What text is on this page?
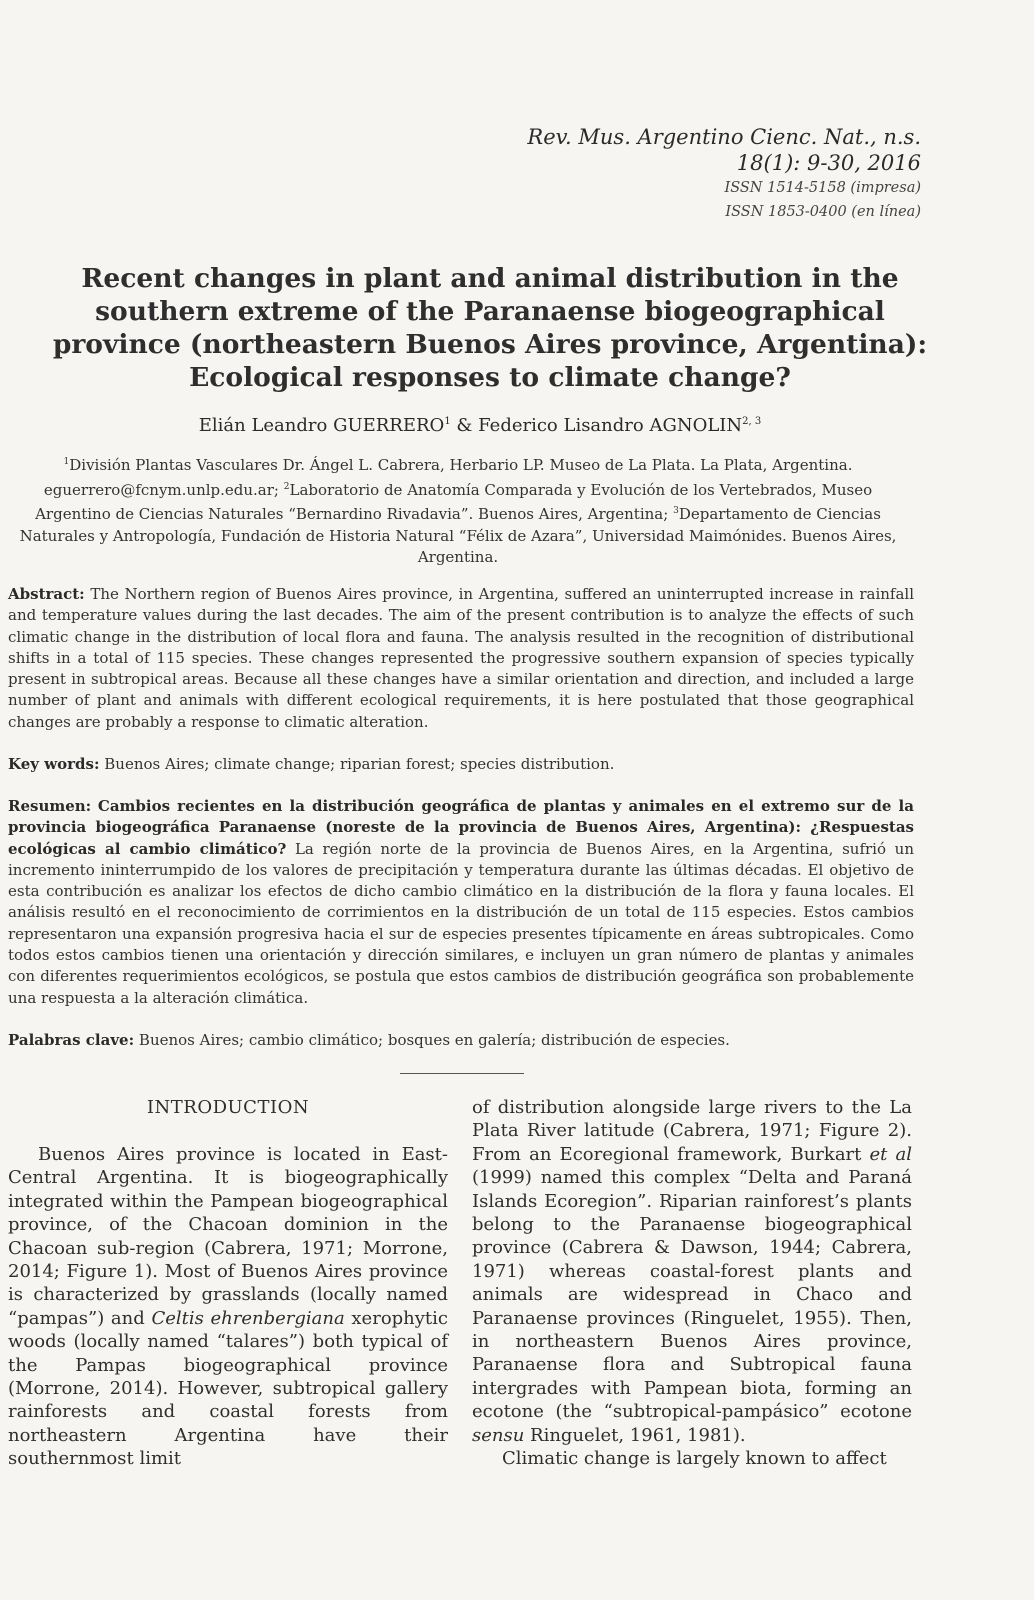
Rev. Mus. Argentino Cienc. Nat., n.s.
18(1): 9-30, 2016
ISSN 1514-5158 (impresa)
ISSN 1853-0400 (en línea)
Recent changes in plant and animal distribution in the southern extreme of the Paranaense biogeographical province (northeastern Buenos Aires province, Argentina): Ecological responses to climate change?
Elián Leandro GUERRERO$^1$ & Federico Lisandro AGNOLIN$^{2, 3}$
$^1$División Plantas Vasculares Dr. Ángel L. Cabrera, Herbario LP. Museo de La Plata. La Plata, Argentina. eguerrero@fcnym.unlp.edu.ar; $^2$Laboratorio de Anatomía Comparada y Evolución de los Vertebrados, Museo Argentino de Ciencias Naturales “Bernardino Rivadavia”. Buenos Aires, Argentina; $^3$Departamento de Ciencias Naturales y Antropología, Fundación de Historia Natural “Félix de Azara”, Universidad Maimónides. Buenos Aires, Argentina.
Abstract: The Northern region of Buenos Aires province, in Argentina, suffered an uninterrupted increase in rainfall and temperature values during the last decades. The aim of the present contribution is to analyze the effects of such climatic change in the distribution of local flora and fauna. The analysis resulted in the recognition of distributional shifts in a total of 115 species. These changes represented the progressive southern expansion of species typically present in subtropical areas. Because all these changes have a similar orientation and direction, and included a large number of plant and animals with different ecological requirements, it is here postulated that those geographical changes are probably a response to climatic alteration.
Key words: Buenos Aires; climate change; riparian forest; species distribution.
Resumen: Cambios recientes en la distribución geográfica de plantas y animales en el extremo sur de la provincia biogeográfica Paranaense (noreste de la provincia de Buenos Aires, Argentina): ¿Respuestas ecológicas al cambio climático? La región norte de la provincia de Buenos Aires, en la Argentina, sufrió un incremento ininterrumpido de los valores de precipitación y temperatura durante las últimas décadas. El objetivo de esta contribución es analizar los efectos de dicho cambio climático en la distribución de la flora y fauna locales. El análisis resultó en el reconocimiento de corrimientos en la distribución de un total de 115 especies. Estos cambios representaron una expansión progresiva hacia el sur de especies presentes típicamente en áreas subtropicales. Como todos estos cambios tienen una orientación y dirección similares, e incluyen un gran número de plantas y animales con diferentes requerimientos ecológicos, se postula que estos cambios de distribución geográfica son probablemente una respuesta a la alteración climática.
Palabras clave: Buenos Aires; cambio climático; bosques en galería; distribución de especies.
INTRODUCTION

Buenos Aires province is located in East-Central Argentina. It is biogeographically integrated within the Pampean biogeographical province, of the Chacoan dominion in the Chacoan sub-region (Cabrera, 1971; Morrone, 2014; Figure 1). Most of Buenos Aires province is characterized by grasslands (locally named “pampas”) and Celtis ehrenbergiana xerophytic woods (locally named “talares”) both typical of the Pampas biogeographical province (Morrone, 2014). However, subtropical gallery rainforests and coastal forests from northeastern Argentina have their southernmost limit

of distribution alongside large rivers to the La Plata River latitude (Cabrera, 1971; Figure 2). From an Ecoregional framework, Burkart et al (1999) named this complex “Delta and Paraná Islands Ecoregion”. Riparian rainforest’s plants belong to the Paranaense biogeographical province (Cabrera & Dawson, 1944; Cabrera, 1971) whereas coastal-forest plants and animals are widespread in Chaco and Paranaense provinces (Ringuelet, 1955). Then, in northeastern Buenos Aires province, Paranaense flora and Subtropical fauna intergrades with Pampean biota, forming an ecotone (the “subtropical-pampásico” ecotone sensu Ringuelet, 1961, 1981).

Climatic change is largely known to affect
